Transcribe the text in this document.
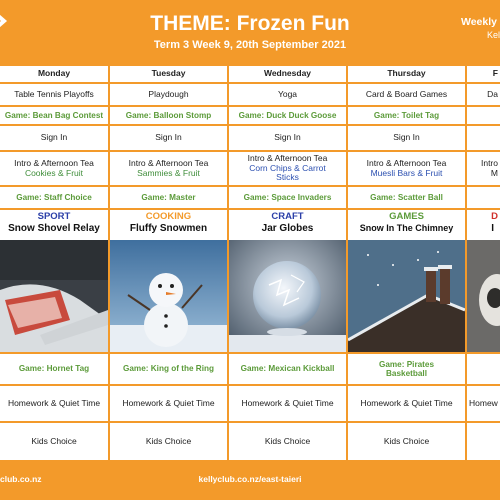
THEME: Frozen Fun
Term 3 Week 9, 20th September 2021
Weekly
Kel
Monday
Table Tennis Playoffs
Game: Bean Bag Contest
Sign In
Intro & Afternoon Tea
Cookies & Fruit
Game: Staff Choice
SPORT
Snow Shovel Relay
Game: Hornet Tag
Homework & Quiet Time
Kids Choice
Tuesday
Playdough
Game: Balloon Stomp
Sign In
Intro & Afternoon Tea
Sammies & Fruit
Game: Master
COOKING
Fluffy Snowmen
Game: King of the Ring
Homework & Quiet Time
Kids Choice
Wednesday
Yoga
Game: Duck Duck Goose
Sign In
Intro & Afternoon Tea
Corn Chips & Carrot
Sticks
Game: Space Invaders
CRAFT
Jar Globes
Game: Mexican Kickball
Homework & Quiet Time
Kids Choice
Thursday
Card & Board Games
Game: Toilet Tag
Sign In
Intro & Afternoon Tea
Muesli Bars & Fruit
Game: Scatter Ball
GAMES
Snow In The Chimney
Game: Pirates
Basketball
Homework & Quiet Time
Kids Choice
F
Da
Intro
M
D
I
Homew
club.co.nz	kellyclub.co.nz/east-taieri
